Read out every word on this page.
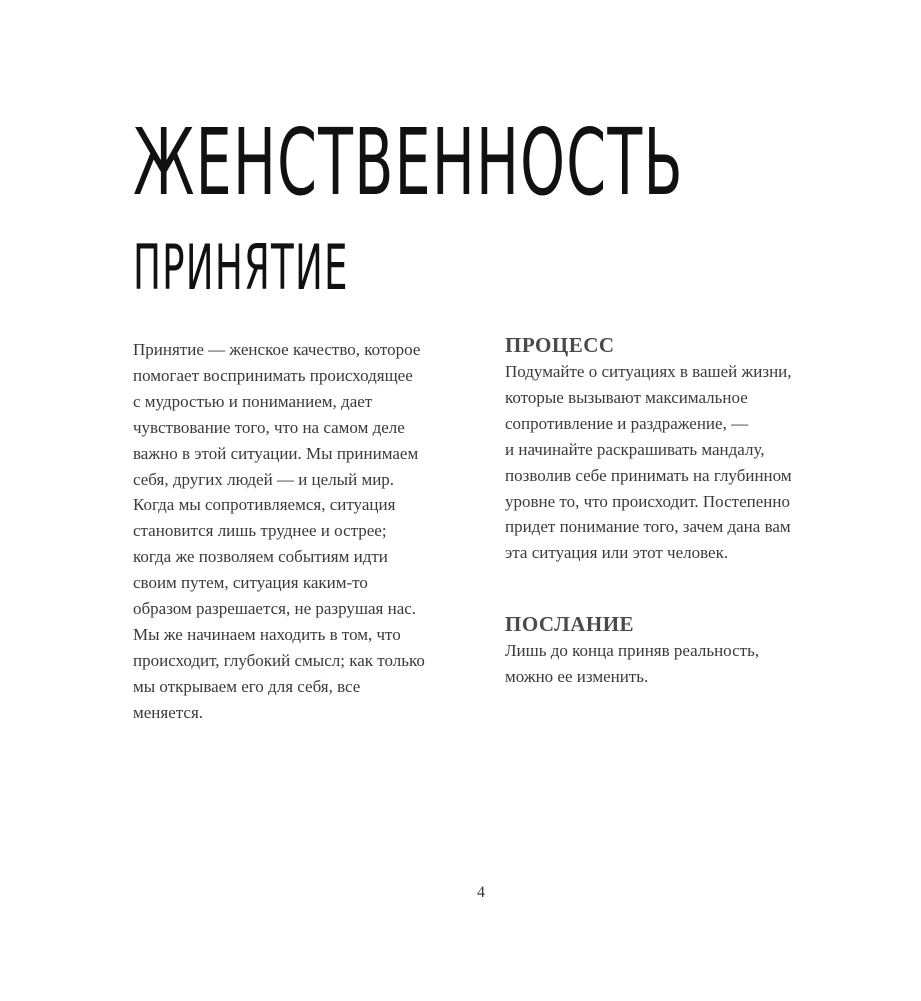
ЖЕНСТВЕННОСТЬ
ПРИНЯТИЕ
Принятие — женское качество, которое
помогает воспринимать происходящее
с мудростью и пониманием, дает
чувствование того, что на самом деле
важно в этой ситуации. Мы принимаем
себя, других людей — и целый мир.
Когда мы сопротивляемся, ситуация
становится лишь труднее и острее;
когда же позволяем событиям идти
своим путем, ситуация каким-то
образом разрешается, не разрушая нас.
Мы же начинаем находить в том, что
происходит, глубокий смысл; как только
мы открываем его для себя, все
меняется.
ПРОЦЕСС
Подумайте о ситуациях в вашей жизни,
которые вызывают максимальное
сопротивление и раздражение, —
и начинайте раскрашивать мандалу,
позволив себе принимать на глубинном
уровне то, что происходит. Постепенно
придет понимание того, зачем дана вам
эта ситуация или этот человек.
ПОСЛАНИЕ
Лишь до конца приняв реальность,
можно ее изменить.
4
